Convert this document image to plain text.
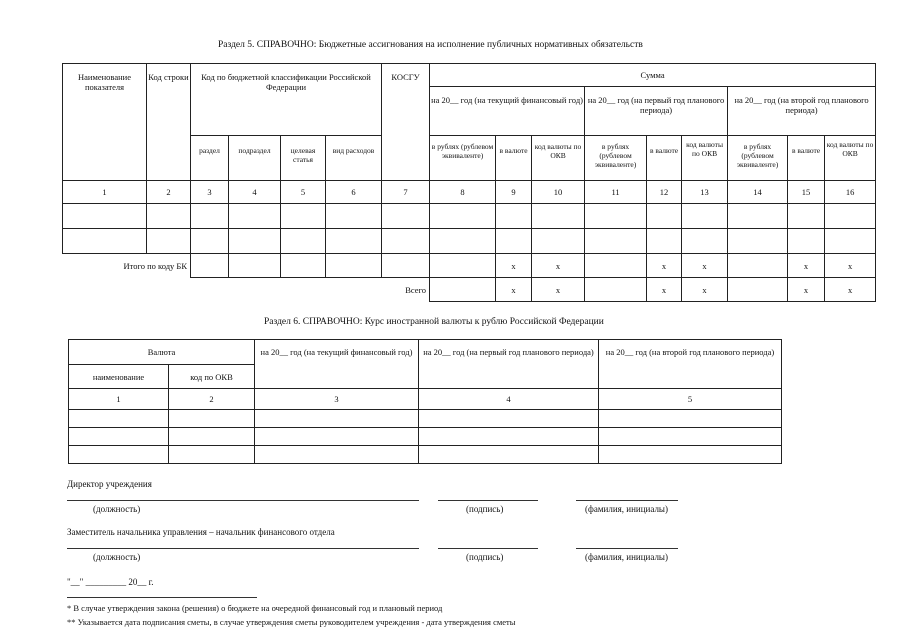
Раздел 5. СПРАВОЧНО: Бюджетные ассигнования на исполнение публичных нормативных обязательств
Наименование показателя	Код строки	Код по бюджетной классификации Российской Федерации				КОСГУ	Сумма								
							на 20__ год (на текущий финансовый год)			на 20__ год (на первый год планового периода)			на 20__ год (на второй год планового периода)		
		раздел	подраздел	целевая статья	вид расходов		в рублях (рублевом эквиваленте)	в валюте	код валюты по ОКВ	в рублях (рублевом эквиваленте)	в валюте	код валюты по ОКВ	в рублях (рублевом эквиваленте)	в валюте	код валюты по ОКВ
1	2	3	4	5	6	7	8	9	10	11	12	13	14	15	16

Итого по коду БК								х	х		х	х		х	х
Всего								х	х		х	х		х	х
Раздел 6. СПРАВОЧНО: Курс иностранной валюты к рублю Российской Федерации
Валюта		на 20__ год (на текущий финансовый год)	на 20__ год (на первый год планового периода)	на 20__ год (на второй год планового периода)
наименование	код по ОКВ			
1	2	3	4	5

Директор учреждения
(должность)	(подпись)	(фамилия, инициалы)
Заместитель начальника управления – начальник финансового отдела
(должность)	(подпись)	(фамилия, инициалы)
"__" _________ 20__ г.
* В случае утверждения закона (решения) о бюджете на очередной финансовый год и плановый период
** Указывается дата подписания сметы, в случае утверждения сметы руководителем учреждения - дата утверждения сметы
